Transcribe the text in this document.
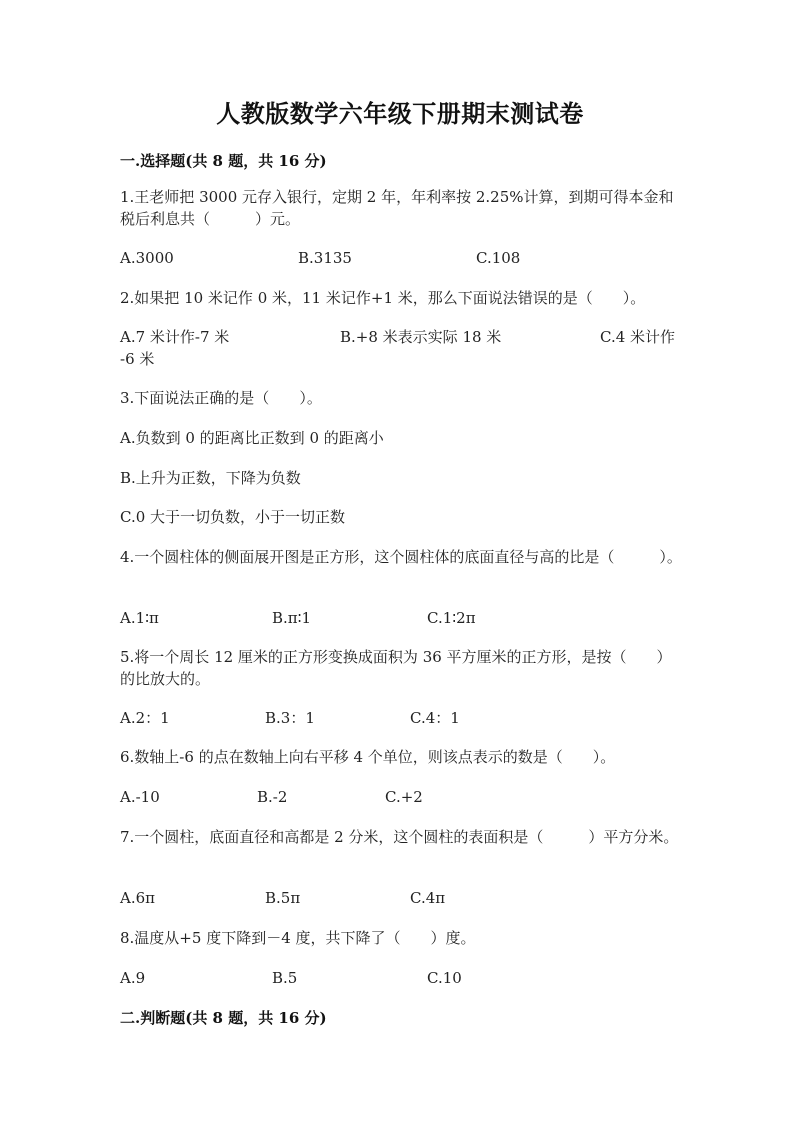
人教版数学六年级下册期末测试卷
一.选择题(共 8 题，共 16 分)
1.王老师把 3000 元存入银行，定期 2 年，年利率按 2.25%计算，到期可得本金和税后利息共（　　　）元。
A.3000	B.3135	C.108
2.如果把 10 米记作 0 米，11 米记作+1 米，那么下面说法错误的是（　　）。
A.7 米计作-7 米	B.+8 米表示实际 18 米	C.4 米计作
-6 米
3.下面说法正确的是（　　）。
A.负数到 0 的距离比正数到 0 的距离小
B.上升为正数，下降为负数
C.0 大于一切负数，小于一切正数
4.一个圆柱体的侧面展开图是正方形，这个圆柱体的底面直径与高的比是（　　　）。
A.1∶π	B.π∶1	C.1∶2π
5.将一个周长 12 厘米的正方形变换成面积为 36 平方厘米的正方形，是按（　　）的比放大的。
A.2：1	B.3：1	C.4：1
6.数轴上-6 的点在数轴上向右平移 4 个单位，则该点表示的数是（　　）。
A.-10	B.-2	C.+2
7.一个圆柱，底面直径和高都是 2 分米，这个圆柱的表面积是（　　　）平方分米。
A.6π	B.5π	C.4π
8.温度从+5 度下降到－4 度，共下降了（　　）度。
A.9	B.5	C.10
二.判断题(共 8 题，共 16 分)
